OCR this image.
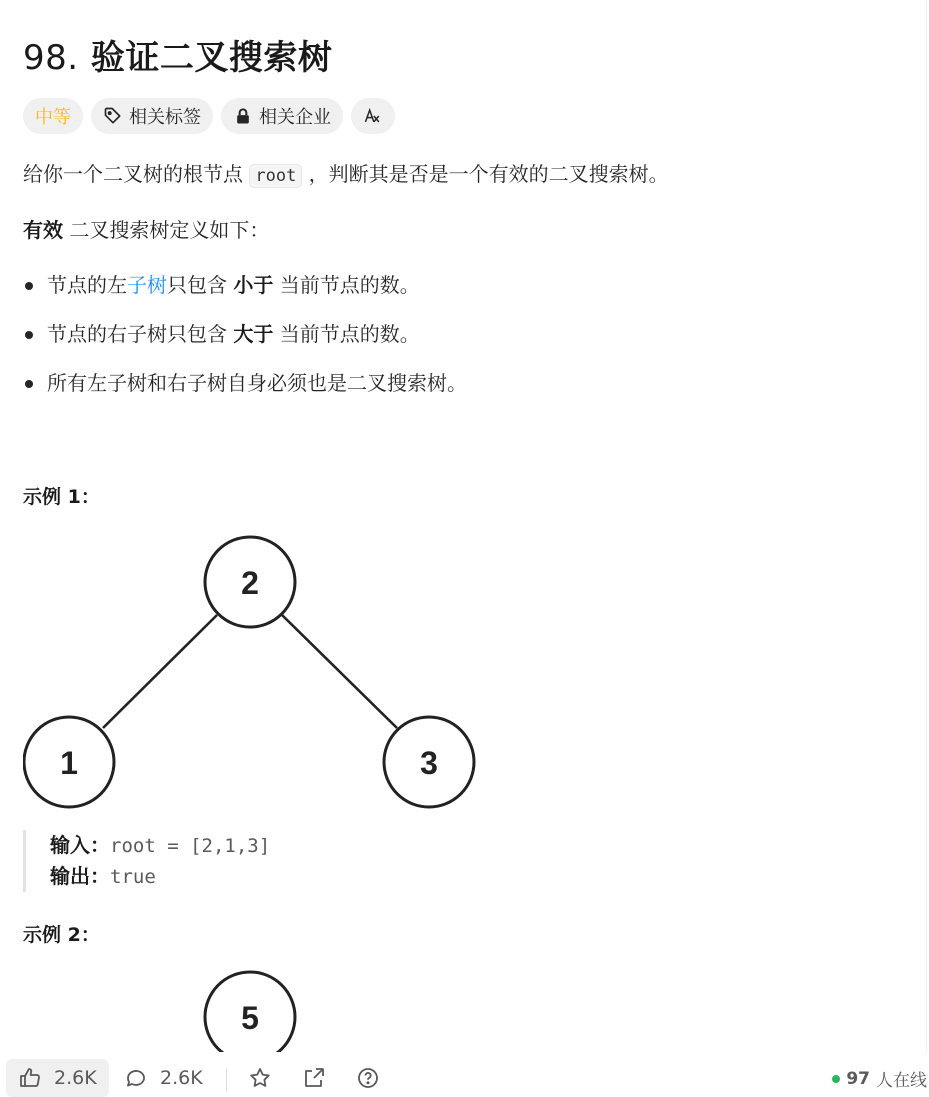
98. 验证二叉搜索树
中等	相关标签	相关企业
给你一个二叉树的根节点 root ，判断其是否是一个有效的二叉搜索树。
有效 二叉搜索树定义如下：
节点的左子树只包含 小于 当前节点的数。
节点的右子树只包含 大于 当前节点的数。
所有左子树和右子树自身必须也是二叉搜索树。
示例 1：
2
1	3
输入：root = [2,1,3]
输出：true
示例 2：
5
2.6K	2.6K	97 人在线
